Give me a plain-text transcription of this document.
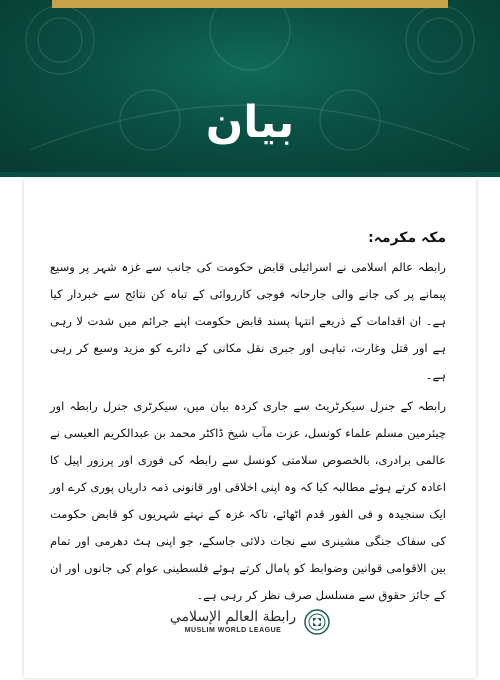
بیان

مکہ مکرمہ:

رابطہ عالم اسلامی نے اسرائیلی قابض حکومت کی جانب سے غزہ شہر پر وسیع پیمانے پر کی جانے والی جارحانہ فوجی کارروائی کے تباہ کن نتائج سے خبردار کیا ہے۔ ان اقدامات کے ذریعے انتہا پسند قابض حکومت اپنے جرائم میں شدت لا رہی ہے اور قتل وغارت، تباہی اور جبری نقل مکانی کے دائرے کو مزید وسیع کر رہی ہے۔

رابطہ کے جنرل سیکرٹریٹ سے جاری کردہ بیان میں، سیکرٹری جنرل رابطہ اور چیئرمین مسلم علماء کونسل، عزت مآب شیخ ڈاکٹر محمد بن عبدالکریم العیسی نے عالمی برادری، بالخصوص سلامتی کونسل سے رابطہ کی فوری اور پرزور اپیل کا اعادہ کرتے ہوئے مطالبہ کیا کہ وہ اپنی اخلاقی اور قانونی ذمہ داریاں پوری کرے اور ایک سنجیدہ و فی الفور قدم اٹھائے، تاکہ غزہ کے نہتے شہریوں کو قابض حکومت کی سفاک جنگی مشینری سے نجات دلائی جاسکے، جو اپنی ہٹ دھرمی اور تمام بین الاقوامی قوانین وضوابط کو پامال کرتے ہوئے فلسطینی عوام کی جانوں اور ان کے جائز حقوق سے مسلسل صرف نظر کر رہی ہے۔

رابطة العالم الإسلامي
MUSLIM WORLD LEAGUE
